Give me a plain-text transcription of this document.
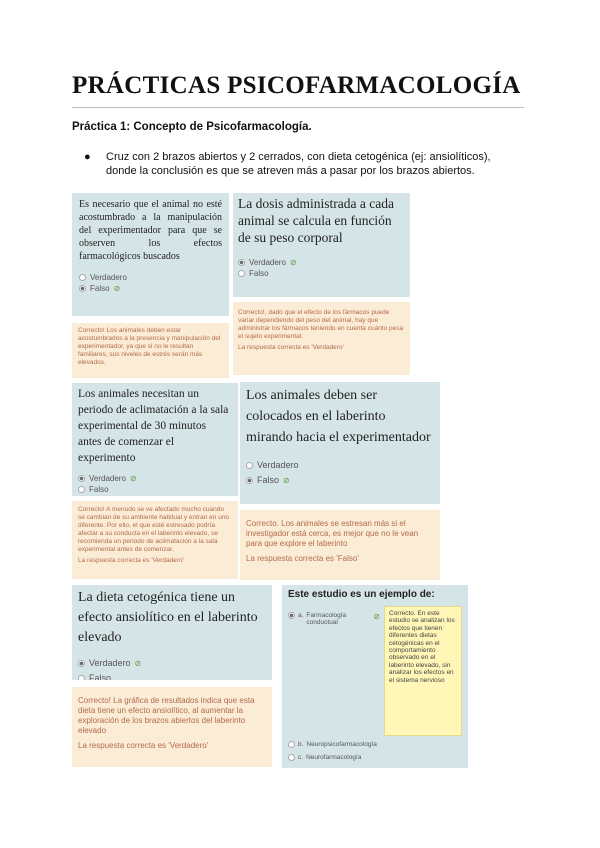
PRÁCTICAS PSICOFARMACOLOGÍA
Práctica 1: Concepto de Psicofarmacología.
●	Cruz con 2 brazos abiertos y 2 cerrados, con dieta cetogénica (ej: ansiolíticos), donde la conclusión es que se atreven más a pasar por los brazos abiertos.
Es necesario que el animal no esté acostumbrado a la manipulación del experimentador para que se observen los efectos farmacológicos buscados
Verdadero
Falso ⊘
Correcto! Los animales deben estar acostumbrados a la presencia y manipulación del experimentador, ya que si no le resultan familiares, sus niveles de estrés serán más elevados.
La dosis administrada a cada animal se calcula en función de su peso corporal
Verdadero ⊘
Falso
Correcto!, dado que el efecto de los fármacos puede variar dependiendo del peso del animal, hay que administrar los fármacos teniendo en cuenta cuánto pesa el sujeto experimental.
La respuesta correcta es 'Verdadero'
Los animales necesitan un periodo de aclimatación a la sala experimental de 30 minutos antes de comenzar el experimento
Verdadero ⊘
Falso
Correcto! A menudo se ve afectado mucho cuando se cambian de su ambiente habitual y entran en uno diferente. Por ello, el que esté estresado podría afectar a su conducta en el laberinto elevado, se recomienda un periodo de aclimatación a la sala experimental antes de comenzar.
La respuesta correcta es 'Verdadero'
Los animales deben ser colocados en el laberinto mirando hacia el experimentador
Verdadero
Falso ⊘
Correcto. Los animales se estresan más si el investigador está cerca, es mejor que no le vean para que explore el laberinto
La respuesta correcta es 'Falso'
La dieta cetogénica tiene un efecto ansiolítico en el laberinto elevado
Verdadero ⊘
Falso
Correcto! La gráfica de resultados indica que esta dieta tiene un efecto ansiolítico, al aumentar la exploración de los brazos abiertos del laberinto elevado
La respuesta correcta es 'Verdadero'
Este estudio es un ejemplo de:
a. Farmacología conductual
⊘	Correcto. En este estudio se analizan los efectos que tienen diferentes dietas cetogénicas en el comportamiento observado en el laberinto elevado, sin analizar los efectos en el sistema nervioso
b. Neuropsicofarmacología
c. Neurofarmacología
